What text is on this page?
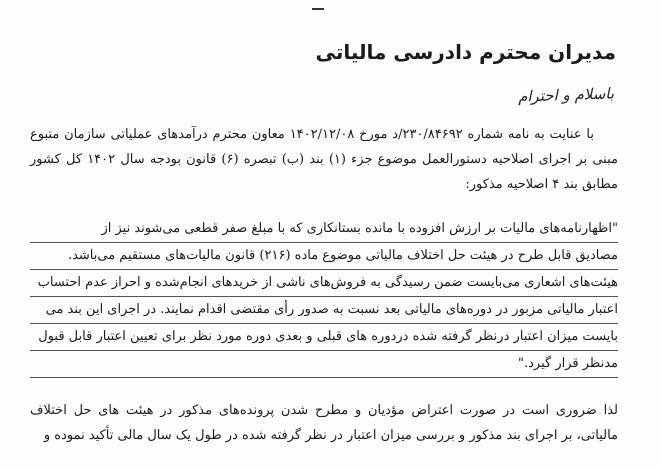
مدیران محترم دادرسی مالیاتی
باسلام و احترام
با عنایت به نامه شماره ۲۳۰/۸۴۶۹۲/د مورخ ۱۴۰۲/۱۲/۰۸ معاون محترم درآمدهای عملیاتی سازمان متبوع مبنی بر اجرای اصلاحیه دستورالعمل موضوع جزء (۱) بند (ب) تبصره (۶) قانون بودجه سال ۱۴۰۲ کل کشور مطابق بند ۴ اصلاحیه مذکور:
"اظهارنامه‌های مالیات بر ارزش افزوده با مانده بستانکاری که با مبلغ صفر قطعی می‌شوند نیز از
مصادیق قابل طرح در هیئت حل اختلاف مالیاتی موضوع ماده (۲۱۶) قانون مالیات‌های مستقیم می‌باشد.
هیئت‌های اشعاری می‌بایست ضمن رسیدگی به فروش‌های ناشی از خریدهای انجام‌شده و احراز عدم احتساب
اعتبار مالیاتی مزبور در دوره‌های مالیاتی بعد نسبت به صدور رأی مقتضی اقدام نمایند. در اجرای این بند می
بایست میزان اعتبار درنظر گرفته شده دردوره های قبلی و بعدی دوره مورد نظر برای تعیین اعتبار قابل قبول
مدنظر قرار گیرد."
لذا ضروری است در صورت اعتراض مؤدیان و مطرح شدن پرونده‌های مذکور در هیئت های حل اختلاف مالیاتی، بر اجرای بند مذکور و بررسی میزان اعتبار در نظر گرفته شده در طول یک سال مالی تأکید نموده و
